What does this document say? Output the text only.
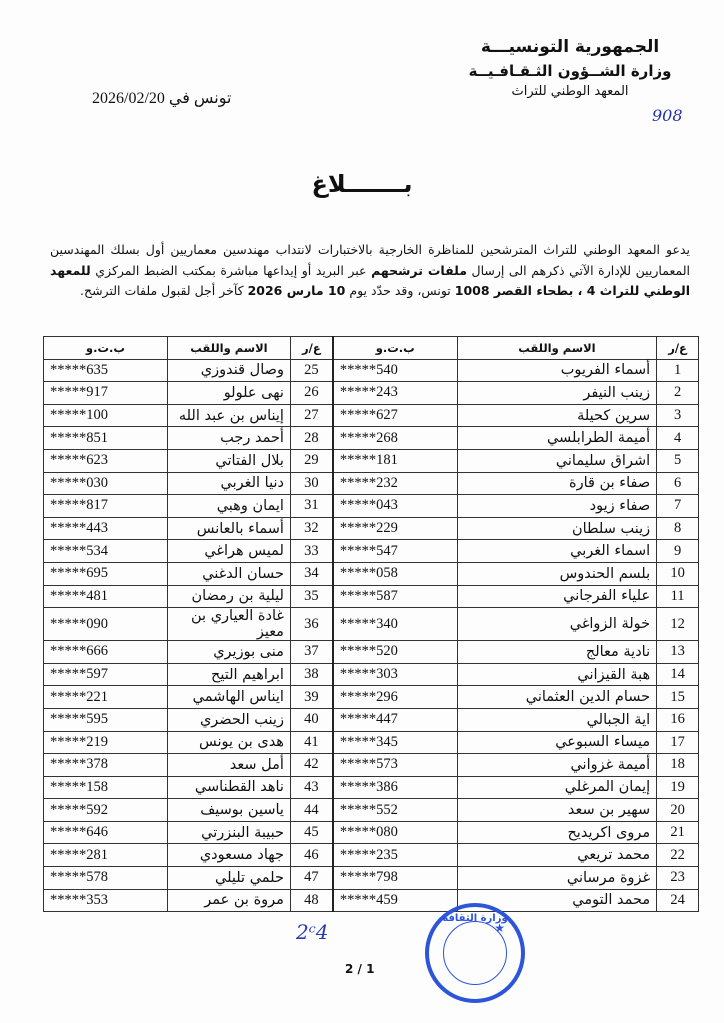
الجمهورية التونسيـــة
وزارة الشــؤون الثـقـافـيــة
المعهد الوطني للتراث
908
تونس في 2026/02/20
بـــــــلاغ
يدعو المعهد الوطني للتراث المترشحين للمناظرة الخارجية بالاختبارات لانتداب مهندسين معماريين أول بسلك المهندسين المعماريين للإدارة الآتي ذكرهم الى إرسال ملفات ترشحهم عبر البريد أو إيداعها مباشرة بمكتب الضبط المركزي للمعهد الوطني للتراث 4 ، بطحاء القصر 1008 تونس، وقد حدّد يوم 10 مارس 2026 كآخر أجل لقبول ملفات الترشح.
ع/ر	الاسم واللقب	ب.ت.و	ع/ر	الاسم واللقب	ب.ت.و
1	أسماء الفريوب	*****540	25	وصال قندوزي	*****635
2	زينب النيفر	*****243	26	نهى علولو	*****917
3	سرين كحيلة	*****627	27	إيناس بن عبد الله	*****100
4	أميمة الطرابلسي	*****268	28	أحمد رجب	*****851
5	اشراق سليماني	*****181	29	بلال الفتاتي	*****623
6	صفاء بن قارة	*****232	30	دنيا الغربي	*****030
7	صفاء زيود	*****043	31	ايمان وهبي	*****817
8	زينب سلطان	*****229	32	أسماء بالعانس	*****443
9	اسماء الغربي	*****547	33	لميس هراغي	*****534
10	بلسم الحندوس	*****058	34	حسان الدغني	*****695
11	علياء الفرجاني	*****587	35	ليلية بن رمضان	*****481
12	خولة الزواغي	*****340	36	غادة العياري بن معيز	*****090
13	نادية معالج	*****520	37	منى بوزيري	*****666
14	هبة القيزاني	*****303	38	ابراهيم التيح	*****597
15	حسام الدين العثماني	*****296	39	ايناس الهاشمي	*****221
16	اية الجبالي	*****447	40	زينب الحضري	*****595
17	ميساء السبوعي	*****345	41	هدى بن يونس	*****219
18	أميمة غزواني	*****573	42	أمل سعد	*****378
19	إيمان المرغلي	*****386	43	ناهد القطناسي	*****158
20	سهير بن سعد	*****552	44	ياسين بوسيف	*****592
21	مروى اكريديح	*****080	45	حبيبة البنزرتي	*****646
22	محمد تريعي	*****235	46	جهاد مسعودي	*****281
23	غزوة مرساني	*****798	47	حلمي تليلي	*****578
24	محمد التومي	*****459	48	مروة بن عمر	*****353
2ᶜ4
2 / 1
وزارة الثقافة
★
